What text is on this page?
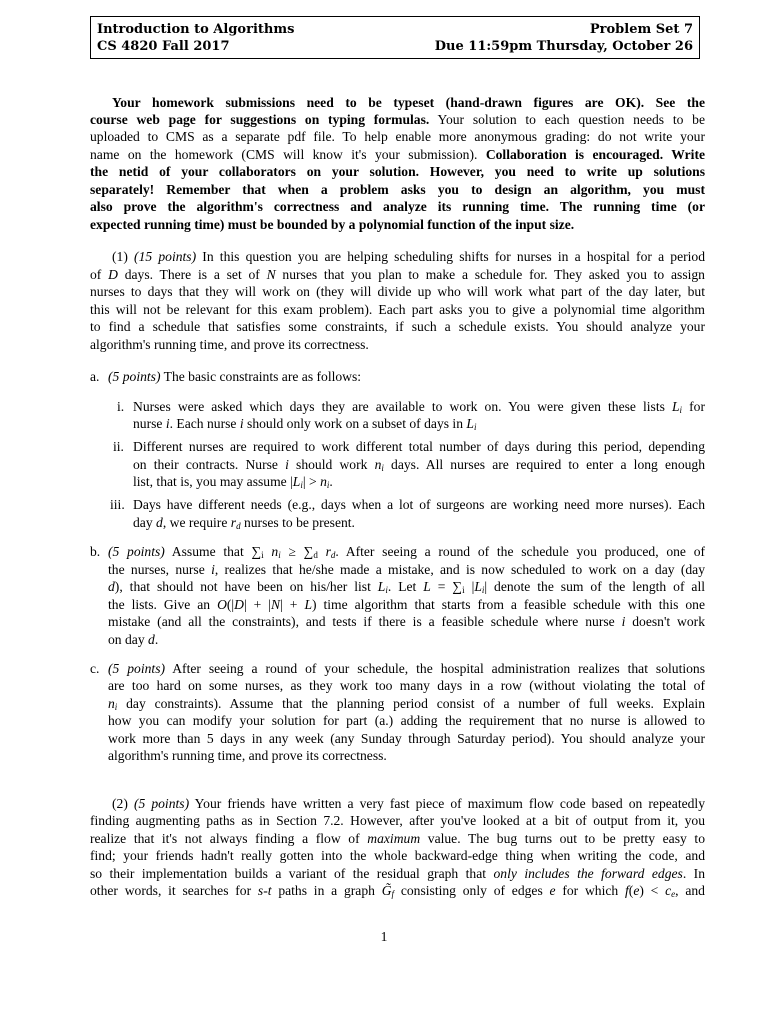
Introduction to Algorithms	Problem Set 7
CS 4820 Fall 2017	Due 11:59pm Thursday, October 26
Your homework submissions need to be typeset (hand-drawn figures are OK). See the
course web page for suggestions on typing formulas. Your solution to each question needs to be
uploaded to CMS as a separate pdf file. To help enable more anonymous grading: do not write your
name on the homework (CMS will know it's your submission). Collaboration is encouraged. Write
the netid of your collaborators on your solution. However, you need to write up solutions
separately! Remember that when a problem asks you to design an algorithm, you must
also prove the algorithm's correctness and analyze its running time. The running time (or
expected running time) must be bounded by a polynomial function of the input size.
(1) (15 points) In this question you are helping scheduling shifts for nurses in a hospital for a period
of D days. There is a set of N nurses that you plan to make a schedule for. They asked you to assign
nurses to days that they will work on (they will divide up who will work what part of the day later, but
this will not be relevant for this exam problem). Each part asks you to give a polynomial time algorithm
to find a schedule that satisfies some constraints, if such a schedule exists. You should analyze your
algorithm's running time, and prove its correctness.
a. (5 points) The basic constraints are as follows:
i. Nurses were asked which days they are available to work on. You were given these lists $L_i$ for
nurse i. Each nurse i should only work on a subset of days in $L_i$
ii. Different nurses are required to work different total number of days during this period, depending
on their contracts. Nurse i should work $n_i$ days. All nurses are required to enter a long enough
list, that is, you may assume $|L_i| > n_i$.
iii. Days have different needs (e.g., days when a lot of surgeons are working need more nurses). Each
day d, we require $r_d$ nurses to be present.
b. (5 points) Assume that $\sum_i$ $n_i \ge \sum_d$ $r_d$. After seeing a round of the schedule you produced, one of
the nurses, nurse i, realizes that he/she made a mistake, and is now scheduled to work on a day (day
d), that should not have been on his/her list $L_i$. Let $L = \sum_i$ $|L_i|$ denote the sum of the length of all
the lists. Give an O(|D| + |N| + L) time algorithm that starts from a feasible schedule with this one
mistake (and all the constraints), and tests if there is a feasible schedule where nurse i doesn't work
on day d.
c. (5 points) After seeing a round of your schedule, the hospital administration realizes that solutions
are too hard on some nurses, as they work too many days in a row (without violating the total of
$n_i$ day constraints). Assume that the planning period consist of a number of full weeks. Explain
how you can modify your solution for part (a.) adding the requirement that no nurse is allowed to
work more than 5 days in any week (any Sunday through Saturday period). You should analyze your
algorithm's running time, and prove its correctness.
(2) (5 points) Your friends have written a very fast piece of maximum flow code based on repeatedly
finding augmenting paths as in Section 7.2. However, after you've looked at a bit of output from it, you
realize that it's not always finding a flow of maximum value. The bug turns out to be pretty easy to
find; your friends hadn't really gotten into the whole backward-edge thing when writing the code, and
so their implementation builds a variant of the residual graph that only includes the forward edges. In
other words, it searches for s-t paths in a graph $G̃_f$ consisting only of edges e for which $f(e) < c_e$, and
1
